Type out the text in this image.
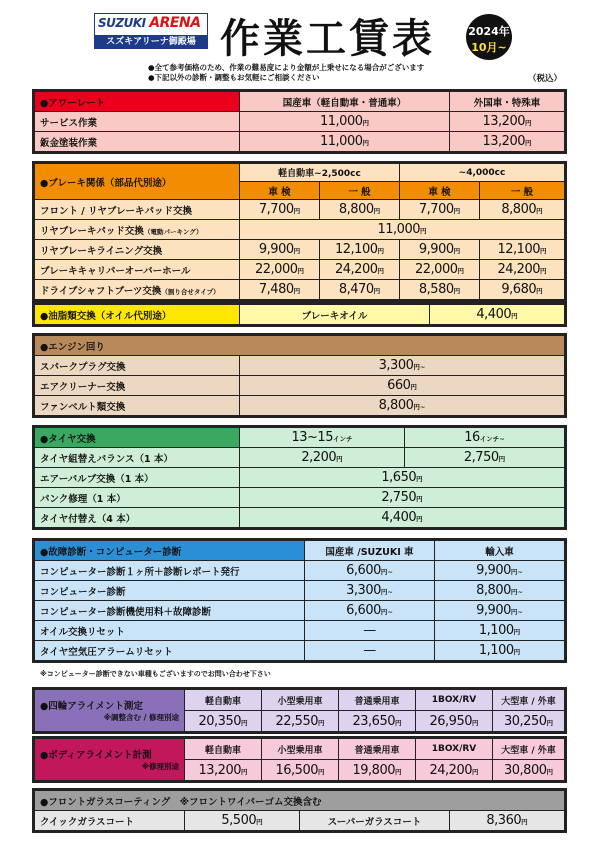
SUZUKI ARENA
スズキアリーナ御殿場 作業工賃表	2024年
10月~
●全て参考価格のため、作業の難易度により金額が上乗せになる場合がございます
●下記以外の診断・調整もお気軽にご相談ください	（税込）
●アワーレート	国産車（軽自動車・普通車）	外国車・特殊車
サービス作業	11,000円	13,200円
鈑金塗装作業	11,000円	13,200円
●ブレーキ関係（部品代別途）	軽自動車~2,500cc		~4,000cc	
	車 検	一 般	車 検	一 般
フロント / リヤブレーキパッド交換	7,700円	8,800円	7,700円	8,800円
リヤブレーキパッド交換（電動パーキング）	11,000円			
リヤブレーキライニング交換	9,900円	12,100円	9,900円	12,100円
ブレーキキャリパーオーバーホール	22,000円	24,200円	22,000円	24,200円
ドライブシャフトブーツ交換（割り合せタイプ）	7,480円	8,470円	8,580円	9,680円
●油脂類交換（オイル代別途）	ブレーキオイル	4,400円
●エンジン回り	
スパークプラグ交換	3,300円~
エアクリーナー交換	660円
ファンベルト類交換	8,800円~
●タイヤ交換	13~15インチ	16インチ~
タイヤ組替えバランス（1 本）	2,200円	2,750円
エアーバルブ交換（1 本）	1,650円	
パンク修理（1 本）	2,750円	
タイヤ付替え（4 本）	4,400円	
●故障診断・コンピューター診断	国産車 /SUZUKI 車	輸入車
コンピューター診断１ヶ所＋診断レポート発行	6,600円~	9,900円~
コンピューター診断	3,300円~	8,800円~
コンピューター診断機使用料＋故障診断	6,600円~	9,900円~
オイル交換リセット	—	1,100円
タイヤ空気圧アラームリセット	—	1,100円
※コンピューター診断できない車種もございますのでお問い合わせ下さい
●四輪アライメント測定
※調整含む / 修理別途	軽自動車	小型乗用車	普通乗用車	1BOX/RV	大型車 / 外車
	20,350円	22,550円	23,650円	26,950円	30,250円
●ボディアライメント計測
※修理別途	軽自動車	小型乗用車	普通乗用車	1BOX/RV	大型車 / 外車
	13,200円	16,500円	19,800円	24,200円	30,800円
●フロントガラスコーティング　※フロントワイパーゴム交換含む
クイックガラスコート	5,500円	スーパーガラスコート	8,360円
